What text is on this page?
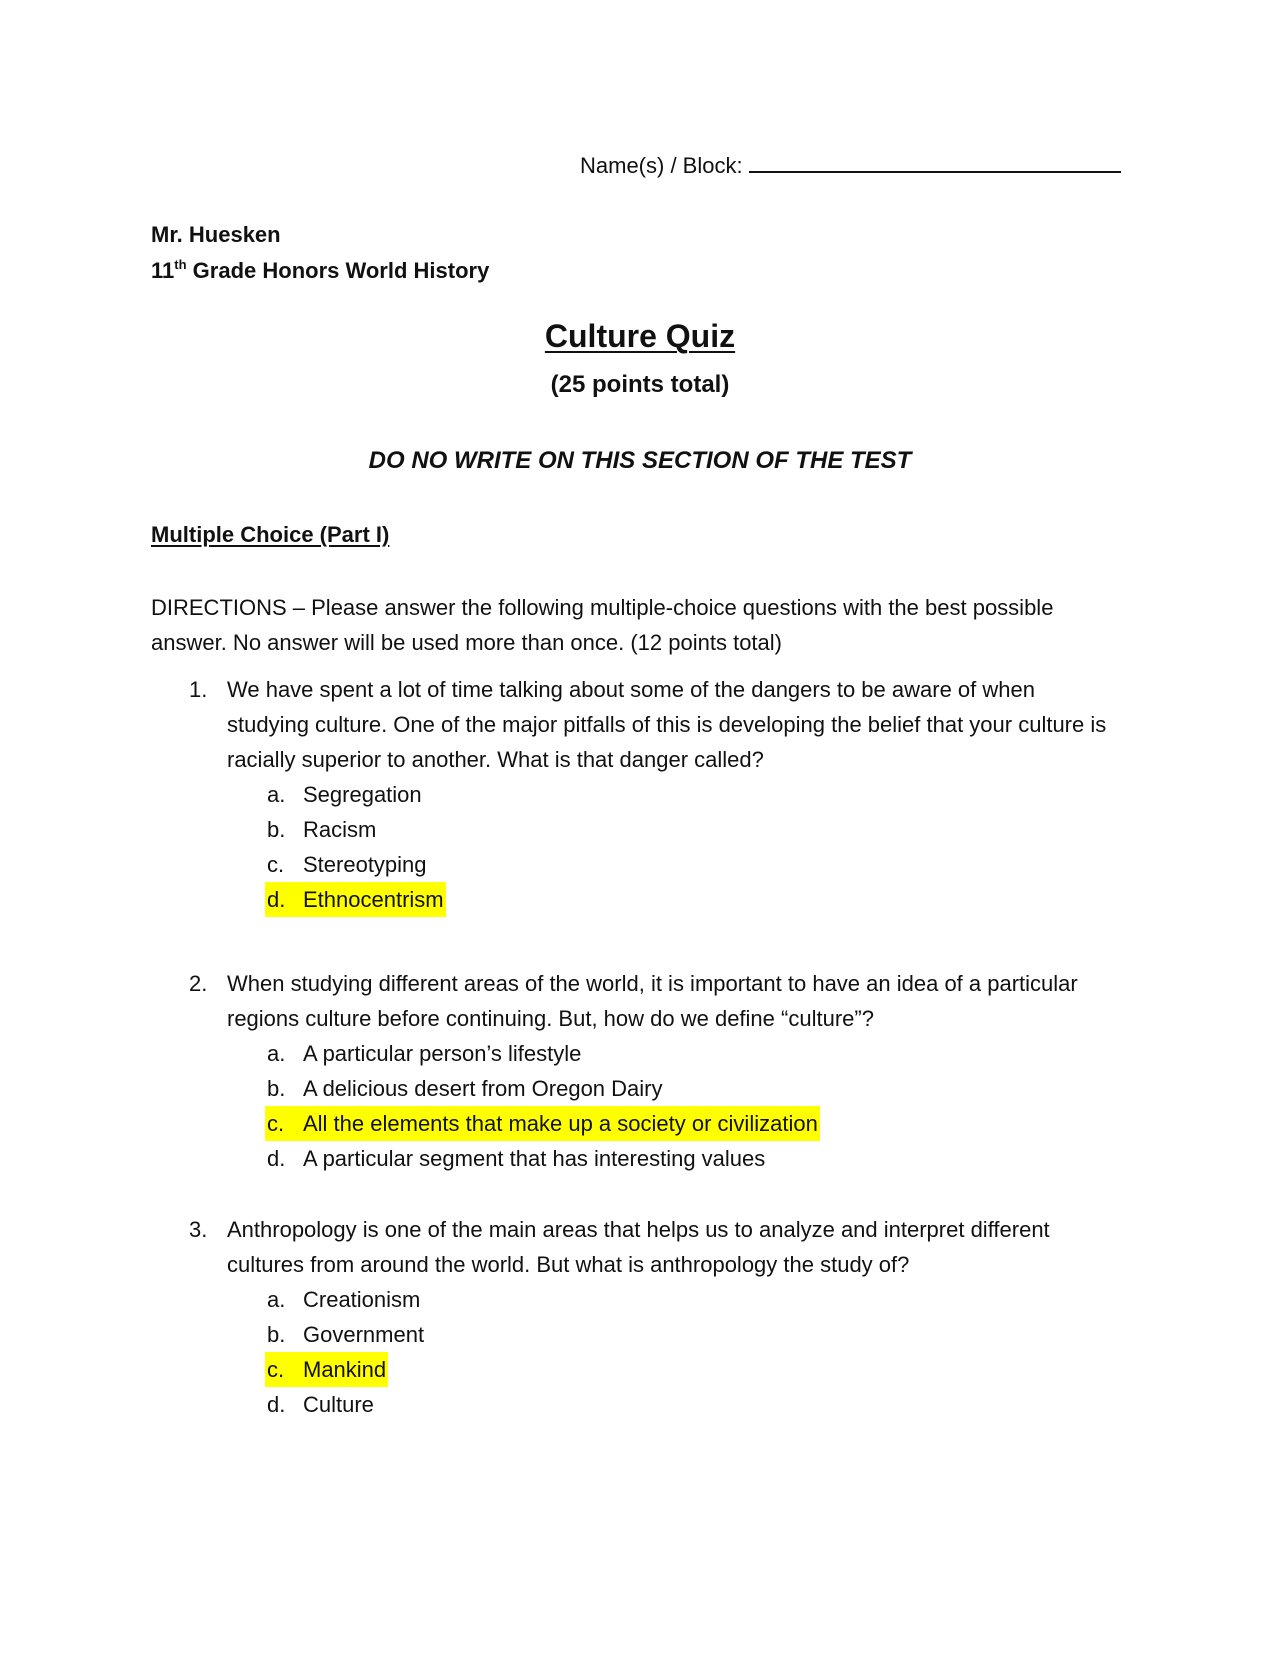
Name(s) / Block:
Mr. Huesken
11th Grade Honors World History
Culture Quiz
(25 points total)
DO NO WRITE ON THIS SECTION OF THE TEST
Multiple Choice (Part I)
DIRECTIONS – Please answer the following multiple-choice questions with the best possible answer. No answer will be used more than once. (12 points total)
1. We have spent a lot of time talking about some of the dangers to be aware of when studying culture. One of the major pitfalls of this is developing the belief that your culture is racially superior to another. What is that danger called?
a. Segregation
b. Racism
c. Stereotyping
d. Ethnocentrism
2. When studying different areas of the world, it is important to have an idea of a particular regions culture before continuing. But, how do we define “culture”?
a. A particular person’s lifestyle
b. A delicious desert from Oregon Dairy
c. All the elements that make up a society or civilization
d. A particular segment that has interesting values
3. Anthropology is one of the main areas that helps us to analyze and interpret different cultures from around the world. But what is anthropology the study of?
a. Creationism
b. Government
c. Mankind
d. Culture
